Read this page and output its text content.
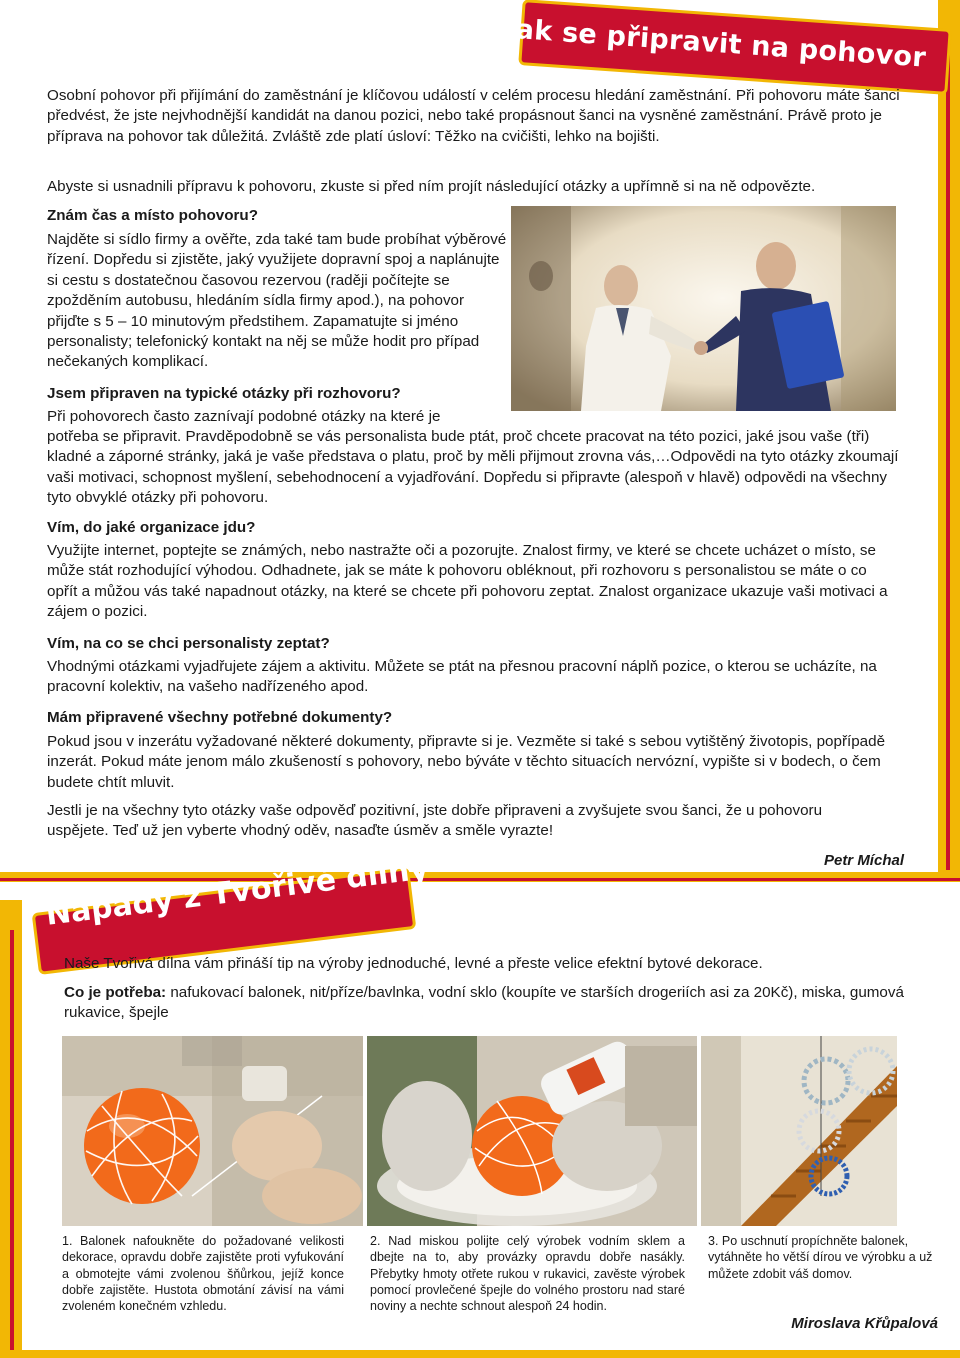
Jak se připravit na pohovor
Osobní pohovor při přijímání do zaměstnání je klíčovou událostí v celém procesu hledání zaměstnání. Při pohovoru máte šanci předvést, že jste nejvhodnější kandidát na danou pozici, nebo také propásnout šanci na vysněné zaměstnání. Právě proto je příprava na pohovor tak důležitá. Zvláště zde platí úsloví: Těžko na cvičišti, lehko na bojišti.
Abyste si usnadnili přípravu k pohovoru, zkuste si před ním projít následující otázky a upřímně si na ně odpovězte.
Znám čas a místo pohovoru?
Najděte si sídlo firmy a ověřte, zda také tam bude probíhat výběrové řízení. Dopředu si zjistěte, jaký využijete dopravní spoj a naplánujte si cestu s dostatečnou časovou rezervou (raději počítejte se zpožděním autobusu, hledáním sídla firmy apod.), na pohovor přijďte s 5 – 10 minutovým předstihem. Zapamatujte si jméno personalisty; telefonický kontakt na něj se může hodit pro případ nečekaných komplikací.
Jsem připraven na typické otázky při rozhovoru?
Při pohovorech často zaznívají podobné otázky na které je
potřeba se připravit. Pravděpodobně se vás personalista bude ptát, proč chcete pracovat na této pozici, jaké jsou vaše (tři) kladné a záporné stránky, jaká je vaše představa o platu, proč by měli přijmout zrovna vás,…Odpovědi na tyto otázky zkoumají vaši motivaci, schopnost myšlení, sebehodnocení a vyjadřování. Dopředu si připravte (alespoň v hlavě) odpovědi na všechny tyto obvyklé otázky při pohovoru.
Vím, do jaké organizace jdu?
Využijte internet, poptejte se známých, nebo nastražte oči a pozorujte. Znalost firmy, ve které se chcete ucházet o místo, se může stát rozhodující výhodou. Odhadnete, jak se máte k pohovoru obléknout, při rozhovoru s personalistou se máte o co opřít a můžou vás také napadnout otázky, na které se chcete při pohovoru zeptat. Znalost organizace ukazuje vaši motivaci a zájem o pozici.
Vím, na co se chci personalisty zeptat?
Vhodnými otázkami vyjadřujete zájem a aktivitu. Můžete se ptát na přesnou pracovní náplň pozice, o kterou se ucházíte, na pracovní kolektiv, na vašeho nadřízeného apod.
Mám připravené všechny potřebné dokumenty?
Pokud jsou v inzerátu vyžadované některé dokumenty, připravte si je. Vezměte si také s sebou vytištěný životopis, popřípadě inzerát. Pokud máte jenom málo zkušeností s pohovory, nebo býváte v těchto situacích nervózní, vypište si v bodech, o čem budete chtít mluvit.
Jestli je na všechny tyto otázky vaše odpověď pozitivní, jste dobře připraveni a zvyšujete svou šanci, že u pohovoru uspějete. Teď už jen vyberte vhodný oděv, nasaďte úsměv a směle vyrazte!
Petr Míchal
Nápady z Tvořivé dílny
Naše Tvořivá dílna vám přináší tip na výroby jednoduché, levné a přeste velice efektní bytové dekorace.
Co je potřeba: nafukovací balonek, nit/příze/bavlnka, vodní sklo (koupíte ve starších drogeriích asi za 20Kč), miska, gumová rukavice, špejle
1. Balonek nafoukněte do požadované velikosti dekorace, opravdu dobře zajistěte proti vyfukování a obmotejte vámi zvolenou šňůrkou, jejíž konce dobře zajistěte. Hustota obmotání závisí na vámi zvoleném konečném vzhledu.
2. Nad miskou polijte celý výrobek vodním sklem a dbejte na to, aby provázky opravdu dobře nasákly. Přebytky hmoty otřete rukou v rukavici, zavěste výrobek pomocí provlečené špejle do volného prostoru nad staré noviny a nechte schnout alespoň 24 hodin.
3. Po uschnutí propíchněte balonek, vytáhněte ho větší dírou ve výrobku a už můžete zdobit váš domov.
Miroslava Křůpalová
